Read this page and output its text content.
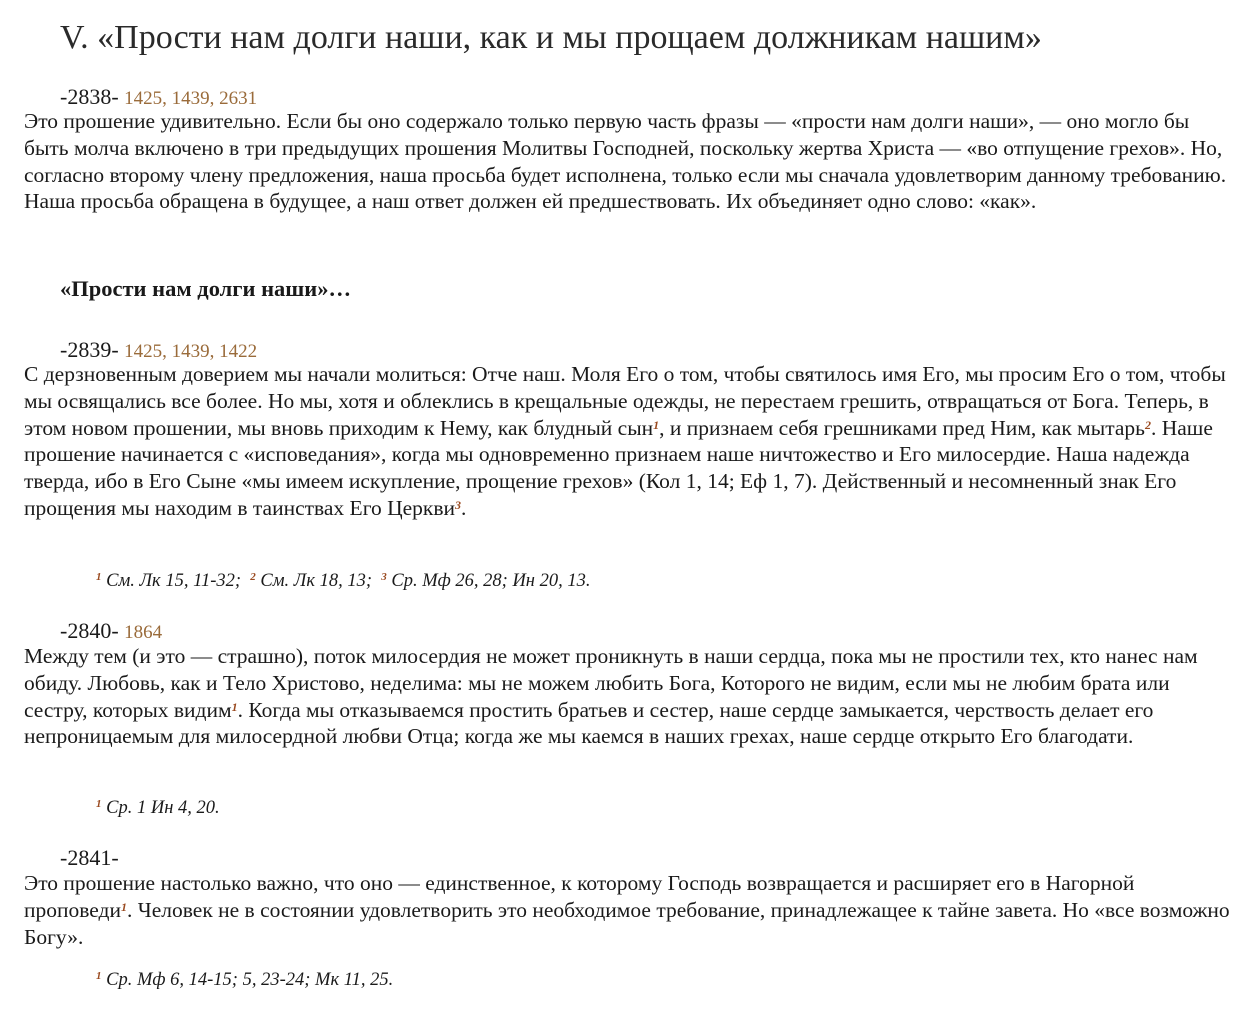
V. «Прости нам долги наши, как и мы прощаем должникам нашим»
-2838- 1425, 1439, 2631

Это прошение удивительно. Если бы оно содержало только первую часть фразы — «прости нам долги наши», — оно могло бы быть молча включено в три предыдущих прошения Молитвы Господней, поскольку жертва Христа — «во отпущение грехов». Но, согласно второму члену предложения, наша просьба будет исполнена, только если мы сначала удовлетворим данному требованию. Наша просьба обращена в будущее, а наш ответ должен ей предшествовать. Их объединяет одно слово: «как».

«Прости нам долги наши»…
-2839- 1425, 1439, 1422

С дерзновенным доверием мы начали молиться: Отче наш. Моля Его о том, чтобы святилось имя Его, мы просим Его о том, чтобы мы освящались все более. Но мы, хотя и облеклись в крещальные одежды, не перестаем грешить, отвращаться от Бога. Теперь, в этом новом прошении, мы вновь приходим к Нему, как блудный сын$^1$, и признаем себя грешниками пред Ним, как мытарь$^2$. Наше прошение начинается с «исповедания», когда мы одновременно признаем наше ничтожество и Его милосердие. Наша надежда тверда, ибо в Его Сыне «мы имеем искупление, прощение грехов» (Кол 1, 14; Еф 1, 7). Действенный и несомненный знак Его прощения мы находим в таинствах Его Церкви$^3$.

$^1$ См. Лк 15, 11-32; $^2$ См. Лк 18, 13; $^3$ Ср. Мф 26, 28; Ин 20, 13.
-2840- 1864

Между тем (и это — страшно), поток милосердия не может проникнуть в наши сердца, пока мы не простили тех, кто нанес нам обиду. Любовь, как и Тело Христово, неделима: мы не можем любить Бога, Которого не видим, если мы не любим брата или сестру, которых видим$^1$. Когда мы отказываемся простить братьев и сестер, наше сердце замыкается, черствость делает его непроницаемым для милосердной любви Отца; когда же мы каемся в наших грехах, наше сердце открыто Его благодати.

$^1$ Ср. 1 Ин 4, 20.
-2841-

Это прошение настолько важно, что оно — единственное, к которому Господь возвращается и расширяет его в Нагорной проповеди$^1$. Человек не в состоянии удовлетворить это необходимое требование, принадлежащее к тайне завета. Но «все возможно Богу».

$^1$ Ср. Мф 6, 14-15; 5, 23-24; Мк 11, 25.
